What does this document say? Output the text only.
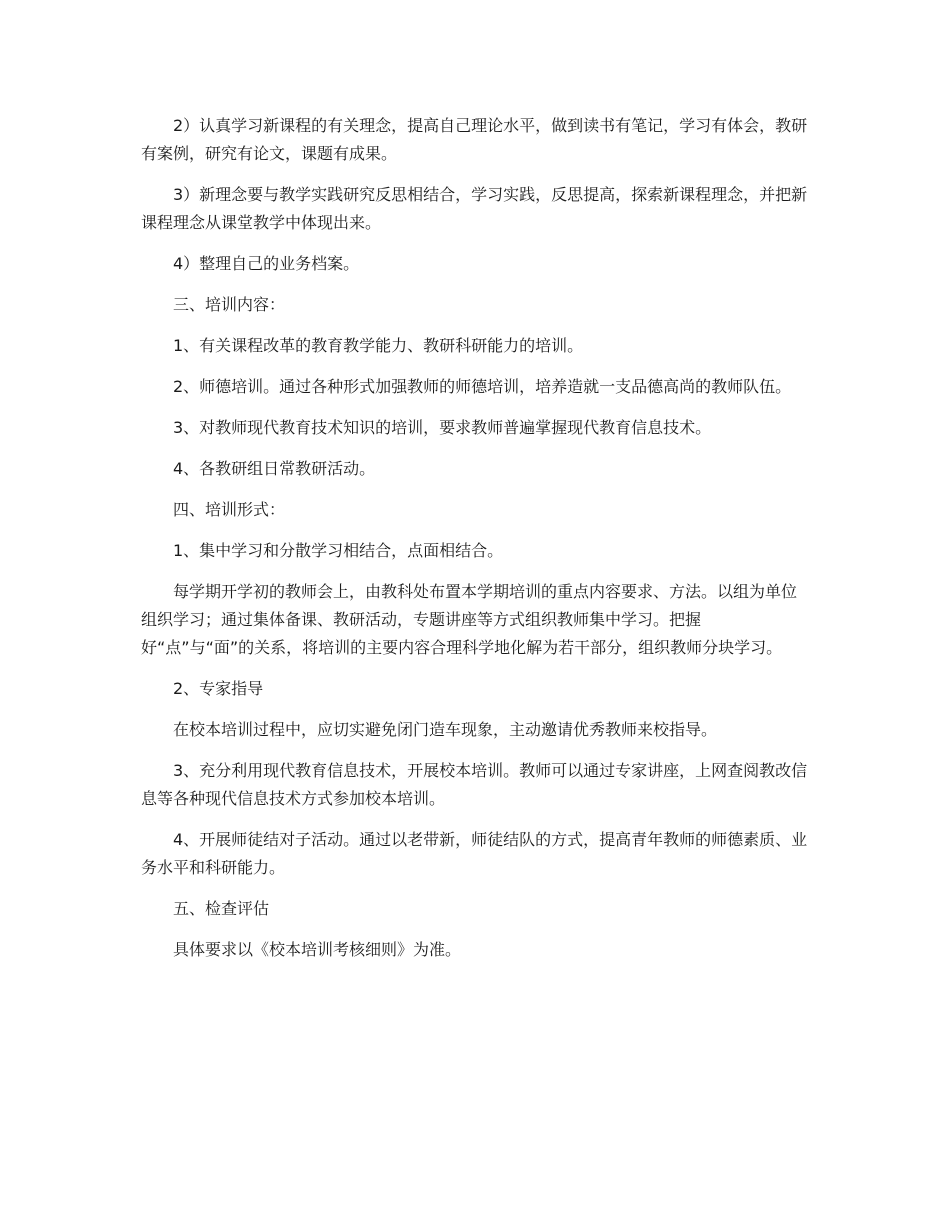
2）认真学习新课程的有关理念，提高自己理论水平，做到读书有笔记，学习有体会，教研有案例，研究有论文，课题有成果。

3）新理念要与教学实践研究反思相结合，学习实践，反思提高，探索新课程理念，并把新课程理念从课堂教学中体现出来。

4）整理自己的业务档案。

三、培训内容：

1、有关课程改革的教育教学能力、教研科研能力的培训。

2、师德培训。通过各种形式加强教师的师德培训，培养造就一支品德高尚的教师队伍。

3、对教师现代教育技术知识的培训，要求教师普遍掌握现代教育信息技术。

4、各教研组日常教研活动。

四、培训形式：

1、集中学习和分散学习相结合，点面相结合。

每学期开学初的教师会上，由教科处布置本学期培训的重点内容要求、方法。以组为单位组织学习；通过集体备课、教研活动，专题讲座等方式组织教师集中学习。把握好“点”与“面”的关系，将培训的主要内容合理科学地化解为若干部分，组织教师分块学习。

2、专家指导

在校本培训过程中，应切实避免闭门造车现象，主动邀请优秀教师来校指导。

3、充分利用现代教育信息技术，开展校本培训。教师可以通过专家讲座，上网查阅教改信息等各种现代信息技术方式参加校本培训。

4、开展师徒结对子活动。通过以老带新，师徒结队的方式，提高青年教师的师德素质、业务水平和科研能力。

五、检查评估

具体要求以《校本培训考核细则》为准。
